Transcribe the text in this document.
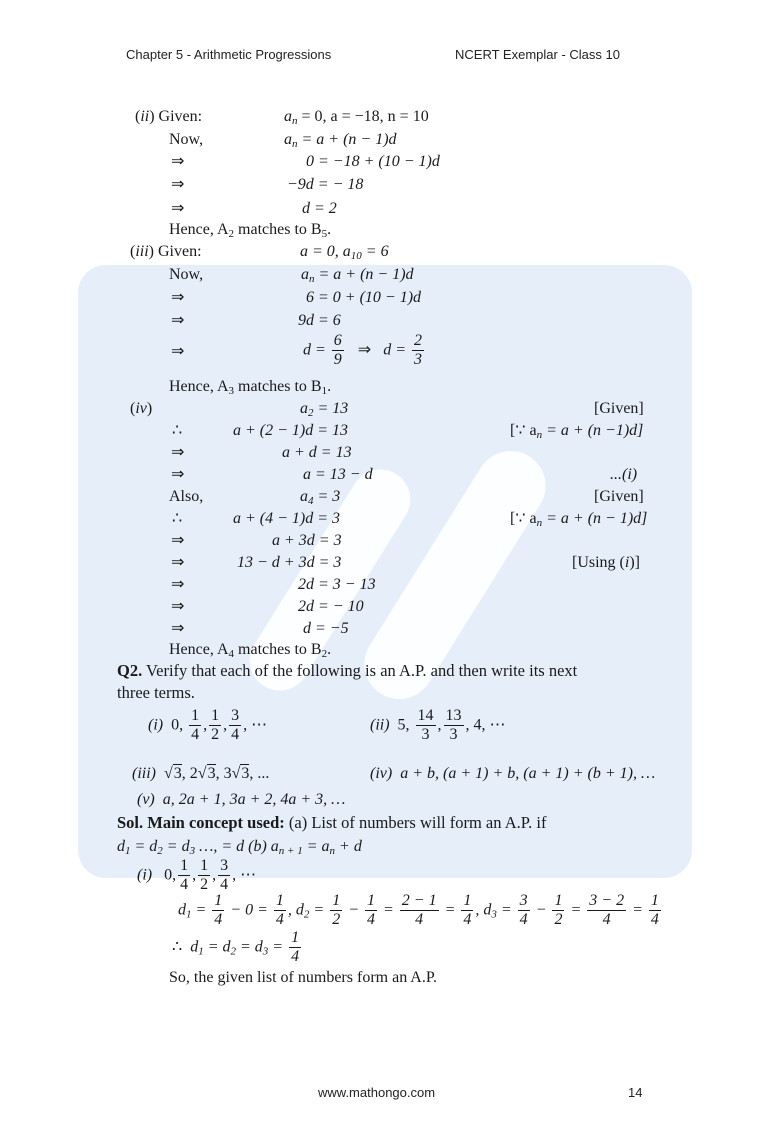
Chapter 5 - Arithmetic Progressions	NCERT Exemplar - Class 10
(ii) Given:	$a_n = 0$, a = −18, n = 10
Now,	$a_n = a + (n - 1)d$
⇒	0 = −18 + (10 − 1)d
⇒	−9d = − 18
⇒	d = 2
Hence, $A_2$ matches to $B_5$.
(iii) Given:	a = 0, $a_{10} = 6$
Now,	$a_n = a + (n - 1)d$
⇒	6 = 0 + (10 − 1)d
⇒	9d = 6
⇒	$d = \frac{6}{9}$ ⇒ $d = \frac{2}{3}$
Hence, $A_3$ matches to $B_1$.
(iv)	$a_2 = 13$	[Given]
∴	a + (2 − 1)d = 13	[∵ $a_n = a + (n -1)d$]
⇒	a + d = 13
⇒	a = 13 − d	...(i)
Also,	$a_4 = 3$	[Given]
∴	a + (4 − 1)d = 3	[∵ $a_n = a + (n - 1)d$]
⇒	a + 3d = 3
⇒	13 − d + 3d = 3	[Using (i)]
⇒	2d = 3 − 13
⇒	2d = − 10
⇒	d = −5
Hence, $A_4$ matches to $B_2$.
Q2. Verify that each of the following is an A.P. and then write its next
three terms.
(i)  0, $\frac{1}{4}$ , $\frac{1}{2}$ , $\frac{3}{4}$ , ⋯	(ii)  5, $\frac{14}{3}$ , $\frac{13}{3}$ , 4, ⋯
(iii)  √3, 2√3, 3√3, ...	(iv) a + b, (a + 1) + b, (a + 1) + (b + 1), …
(v) a, 2a + 1, 3a + 2, 4a + 3, …
Sol. Main concept used: (a) List of numbers will form an A.P. if
$d_1 = d_2 = d_3$ …, = d (b) $a_{n + 1} = a_n + d$
(i)   0, $\frac{1}{4}$ , $\frac{1}{2}$ , $\frac{3}{4}$ , ⋯
$d_1 = \frac{1}{4} - 0 = \frac{1}{4}$ , $d_2 = \frac{1}{2} - \frac{1}{4} = \frac{2 - 1}{4} = \frac{1}{4}$ , $d_3 = \frac{3}{4} - \frac{1}{2} = \frac{3 - 2}{4} = \frac{1}{4}$
∴  $d_1 = d_2 = d_3 = \frac{1}{4}$
So, the given list of numbers form an A.P.
www.mathongo.com	14
